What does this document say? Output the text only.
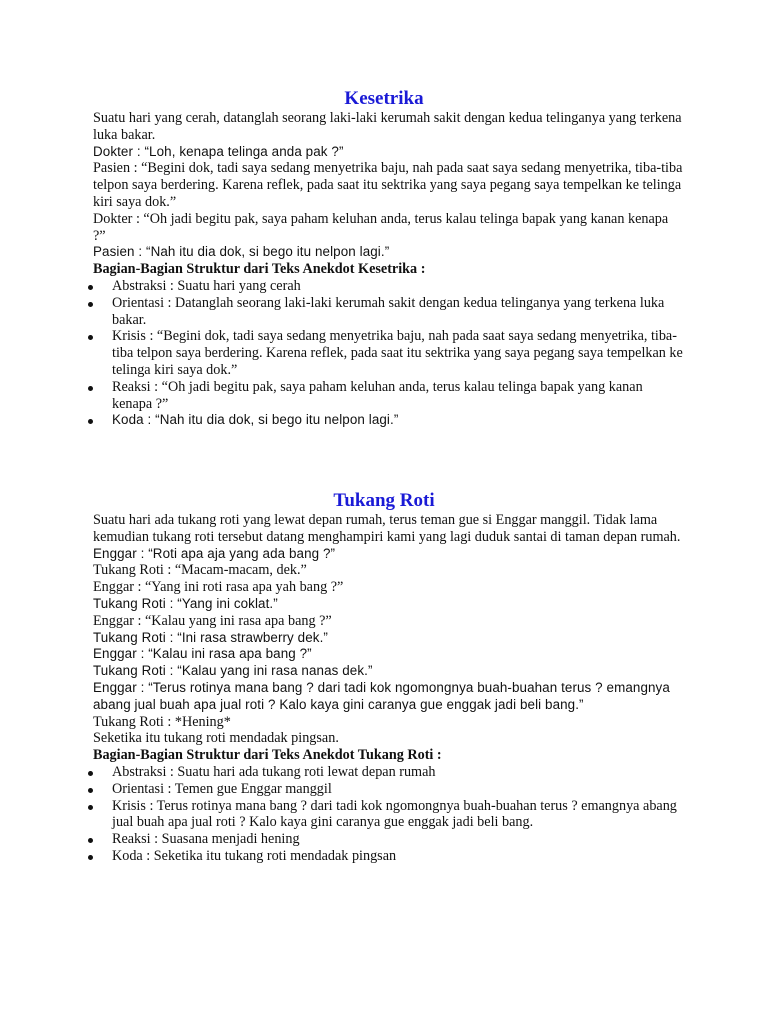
Kesetrika

Suatu hari yang cerah, datanglah seorang laki-laki kerumah sakit dengan kedua telinganya yang terkena luka bakar.

Dokter : “Loh, kenapa telinga anda pak ?”

Pasien : “Begini dok, tadi saya sedang menyetrika baju, nah pada saat saya sedang menyetrika, tiba-tiba telpon saya berdering. Karena reflek, pada saat itu sektrika yang saya pegang saya tempelkan ke telinga kiri saya dok.”

Dokter : “Oh jadi begitu pak, saya paham keluhan anda, terus kalau telinga bapak yang kanan kenapa ?”

Pasien : “Nah itu dia dok, si bego itu nelpon lagi.”

Bagian-Bagian Struktur dari Teks Anekdot Kesetrika :

Abstraksi : Suatu hari yang cerah
Orientasi : Datanglah seorang laki-laki kerumah sakit dengan kedua telinganya yang terkena luka bakar.
Krisis : “Begini dok, tadi saya sedang menyetrika baju, nah pada saat saya sedang menyetrika, tiba-tiba telpon saya berdering. Karena reflek, pada saat itu sektrika yang saya pegang saya tempelkan ke telinga kiri saya dok.”
Reaksi : “Oh jadi begitu pak, saya paham keluhan anda, terus kalau telinga bapak yang kanan kenapa ?”
Koda : “Nah itu dia dok, si bego itu nelpon lagi.”
Tukang Roti

Suatu hari ada tukang roti yang lewat depan rumah, terus teman gue si Enggar manggil. Tidak lama kemudian tukang roti tersebut datang menghampiri kami yang lagi duduk santai di taman depan rumah.

Enggar : “Roti apa aja yang ada bang ?”

Tukang Roti : “Macam-macam, dek.”

Enggar : “Yang ini roti rasa apa yah bang ?”

Tukang Roti : “Yang ini coklat.”

Enggar : “Kalau yang ini rasa apa bang ?”

Tukang Roti : “Ini rasa strawberry dek.”

Enggar : “Kalau ini rasa apa bang ?”

Tukang Roti : “Kalau yang ini rasa nanas dek.”

Enggar : “Terus rotinya mana bang ? dari tadi kok ngomongnya buah-buahan terus ? emangnya abang jual buah apa jual roti ? Kalo kaya gini caranya gue enggak jadi beli bang.”

Tukang Roti : *Hening*

Seketika itu tukang roti mendadak pingsan.

Bagian-Bagian Struktur dari Teks Anekdot Tukang Roti :

Abstraksi : Suatu hari ada tukang roti lewat depan rumah
Orientasi : Temen gue Enggar manggil
Krisis : Terus rotinya mana bang ? dari tadi kok ngomongnya buah-buahan terus ? emangnya abang jual buah apa jual roti ? Kalo kaya gini caranya gue enggak jadi beli bang.
Reaksi : Suasana menjadi hening
Koda : Seketika itu tukang roti mendadak pingsan
